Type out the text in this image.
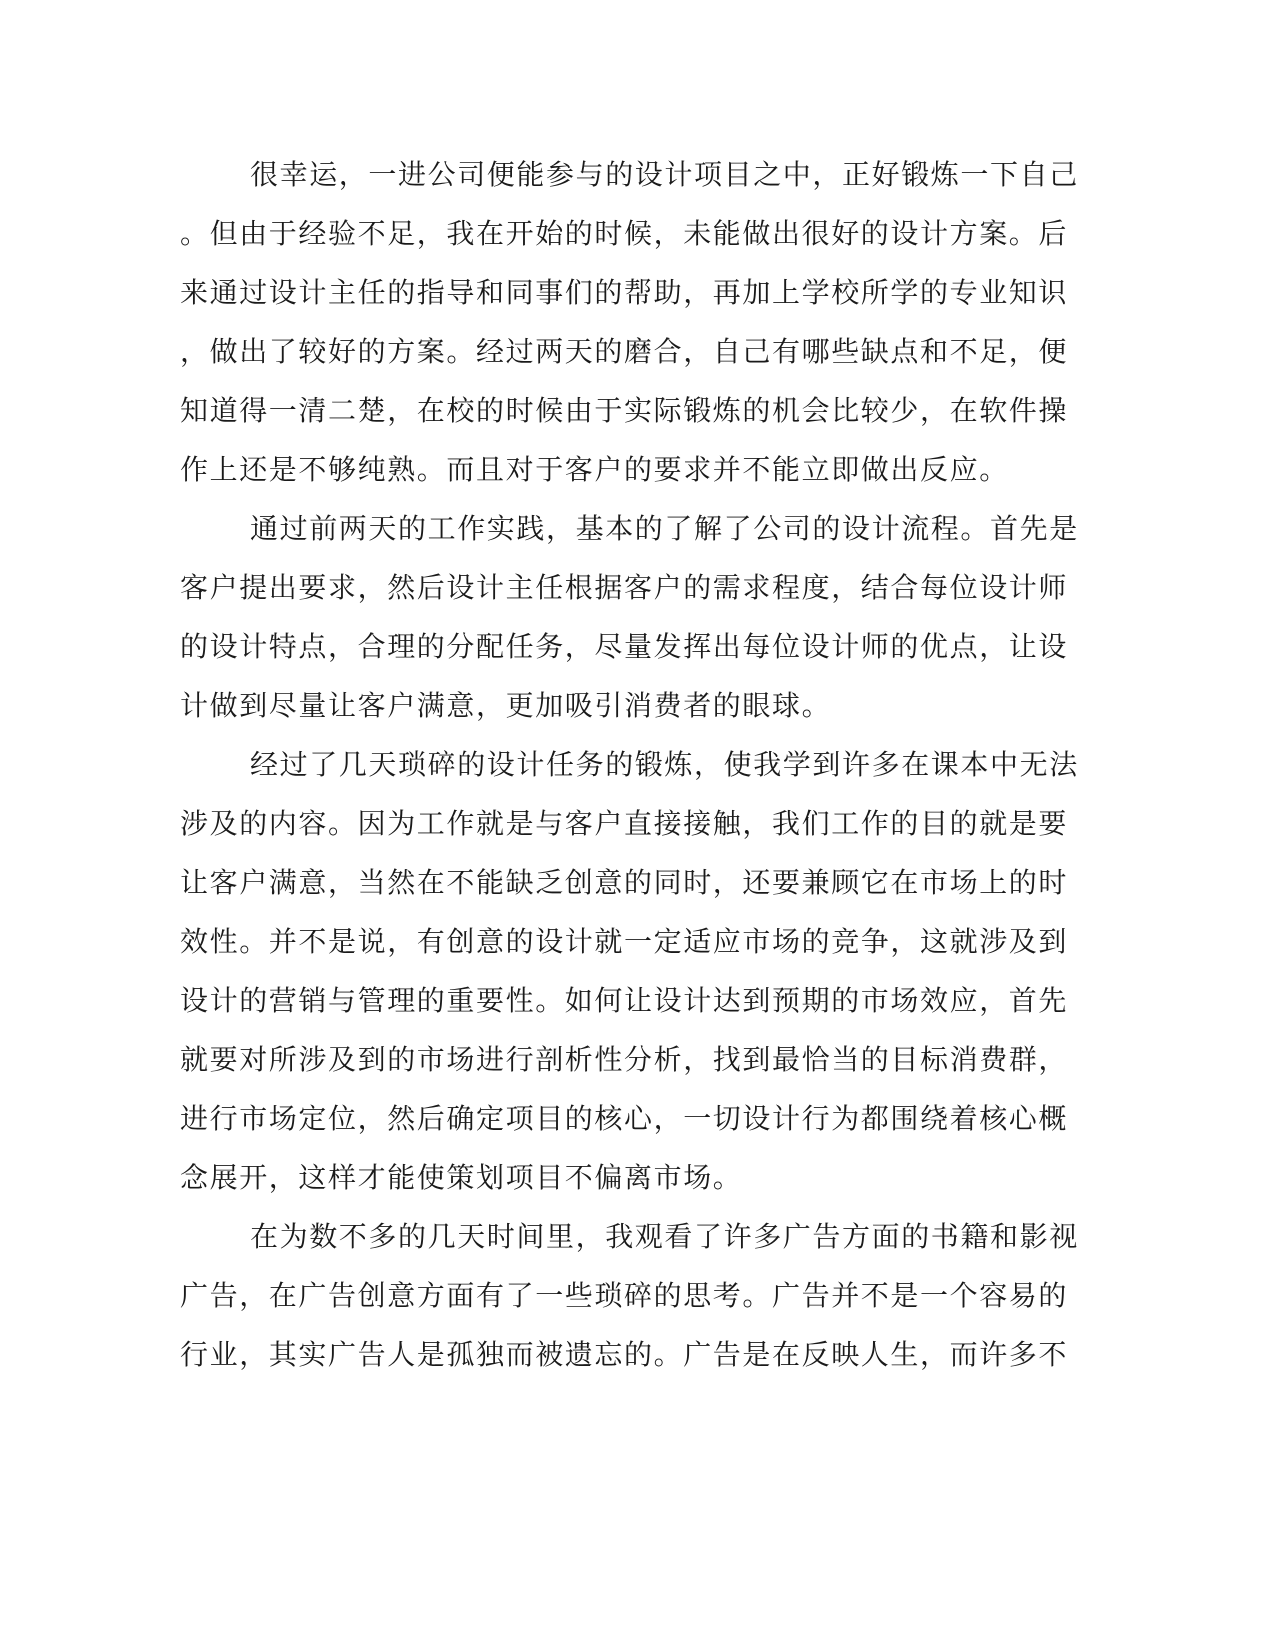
很幸运，一进公司便能参与的设计项目之中，正好锻炼一下自己
。但由于经验不足，我在开始的时候，未能做出很好的设计方案。后
来通过设计主任的指导和同事们的帮助，再加上学校所学的专业知识
，做出了较好的方案。经过两天的磨合，自己有哪些缺点和不足，便
知道得一清二楚，在校的时候由于实际锻炼的机会比较少，在软件操
作上还是不够纯熟。而且对于客户的要求并不能立即做出反应。
通过前两天的工作实践，基本的了解了公司的设计流程。首先是
客户提出要求，然后设计主任根据客户的需求程度，结合每位设计师
的设计特点，合理的分配任务，尽量发挥出每位设计师的优点，让设
计做到尽量让客户满意，更加吸引消费者的眼球。
经过了几天琐碎的设计任务的锻炼，使我学到许多在课本中无法
涉及的内容。因为工作就是与客户直接接触，我们工作的目的就是要
让客户满意，当然在不能缺乏创意的同时，还要兼顾它在市场上的时
效性。并不是说，有创意的设计就一定适应市场的竞争，这就涉及到
设计的营销与管理的重要性。如何让设计达到预期的市场效应，首先
就要对所涉及到的市场进行剖析性分析，找到最恰当的目标消费群，
进行市场定位，然后确定项目的核心，一切设计行为都围绕着核心概
念展开，这样才能使策划项目不偏离市场。
在为数不多的几天时间里，我观看了许多广告方面的书籍和影视
广告，在广告创意方面有了一些琐碎的思考。广告并不是一个容易的
行业，其实广告人是孤独而被遗忘的。广告是在反映人生，而许多不
